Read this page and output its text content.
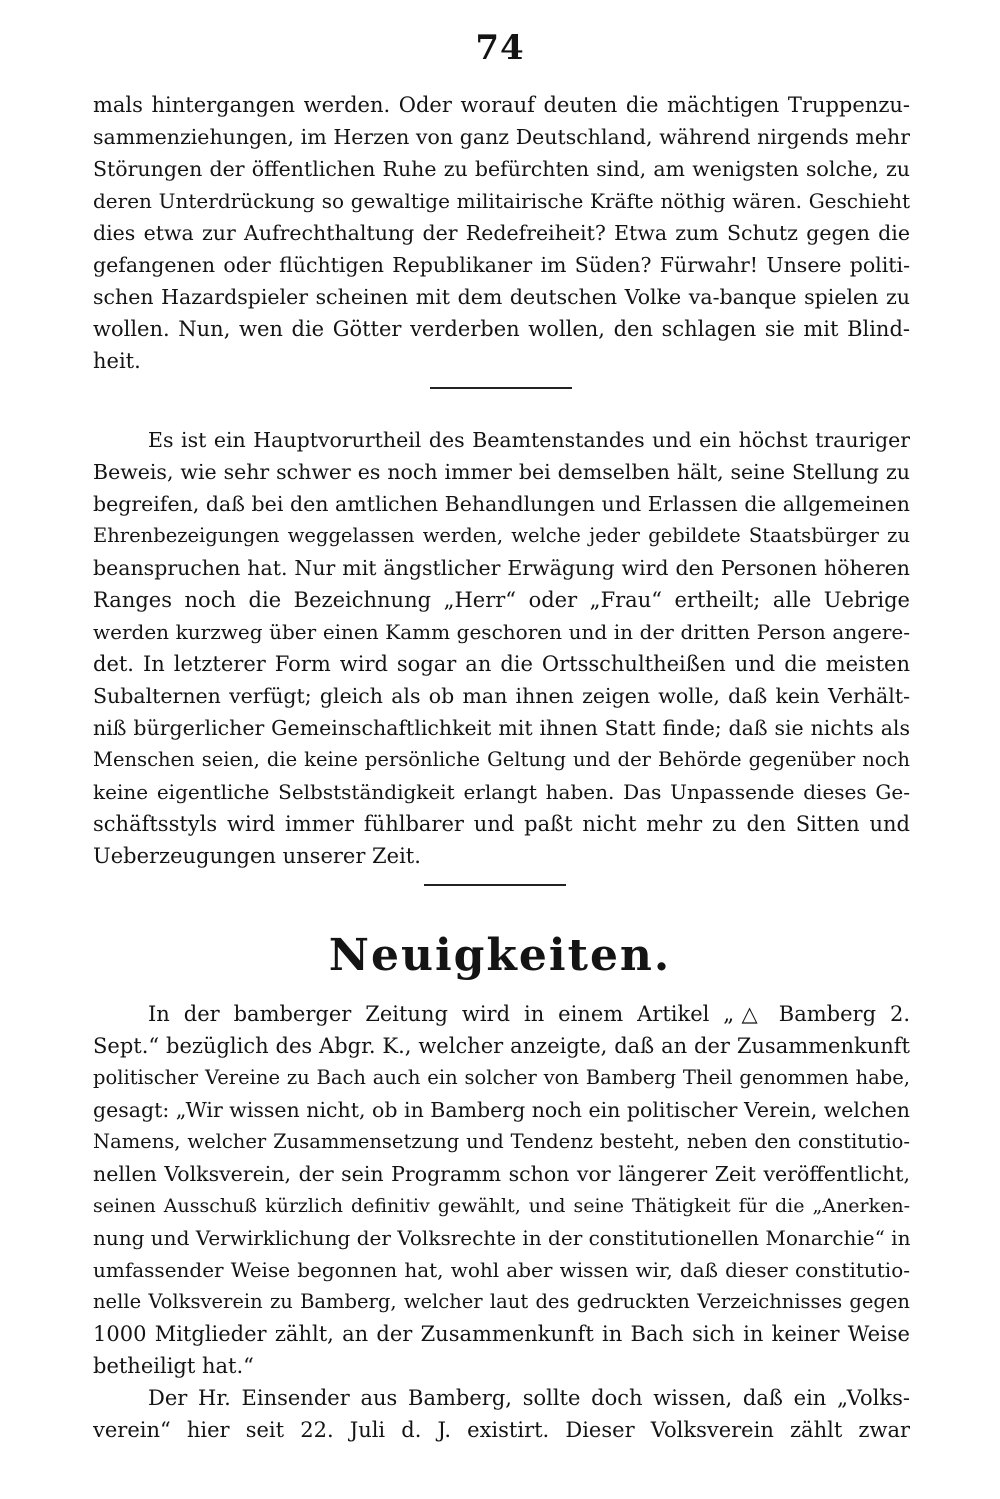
74
mals hintergangen werden. Oder worauf deuten die mächtigen Truppenzu-
sammenziehungen, im Herzen von ganz Deutschland, während nirgends mehr
Störungen der öffentlichen Ruhe zu befürchten sind, am wenigsten solche, zu
deren Unterdrückung so gewaltige militairische Kräfte nöthig wären. Geschieht
dies etwa zur Aufrechthaltung der Redefreiheit? Etwa zum Schutz gegen die
gefangenen oder flüchtigen Republikaner im Süden? Fürwahr! Unsere politi-
schen Hazardspieler scheinen mit dem deutschen Volke va-banque spielen zu
wollen. Nun, wen die Götter verderben wollen, den schlagen sie mit Blind-
heit.
Es ist ein Hauptvorurtheil des Beamtenstandes und ein höchst trauriger
Beweis, wie sehr schwer es noch immer bei demselben hält, seine Stellung zu
begreifen, daß bei den amtlichen Behandlungen und Erlassen die allgemeinen
Ehrenbezeigungen weggelassen werden, welche jeder gebildete Staatsbürger zu
beanspruchen hat. Nur mit ängstlicher Erwägung wird den Personen höheren
Ranges noch die Bezeichnung „Herr“ oder „Frau“ ertheilt; alle Uebrige
werden kurzweg über einen Kamm geschoren und in der dritten Person angere-
det. In letzterer Form wird sogar an die Ortsschultheißen und die meisten
Subalternen verfügt; gleich als ob man ihnen zeigen wolle, daß kein Verhält-
niß bürgerlicher Gemeinschaftlichkeit mit ihnen Statt finde; daß sie nichts als
Menschen seien, die keine persönliche Geltung und der Behörde gegenüber noch
keine eigentliche Selbstständigkeit erlangt haben. Das Unpassende dieses Ge-
schäftsstyls wird immer fühlbarer und paßt nicht mehr zu den Sitten und
Ueberzeugungen unserer Zeit.
Neuigkeiten.
In der bamberger Zeitung wird in einem Artikel „△ Bamberg 2.
Sept.“ bezüglich des Abgr. K., welcher anzeigte, daß an der Zusammenkunft
politischer Vereine zu Bach auch ein solcher von Bamberg Theil genommen habe,
gesagt: „Wir wissen nicht, ob in Bamberg noch ein politischer Verein, welchen
Namens, welcher Zusammensetzung und Tendenz besteht, neben den constitutio-
nellen Volksverein, der sein Programm schon vor längerer Zeit veröffentlicht,
seinen Ausschuß kürzlich definitiv gewählt, und seine Thätigkeit für die „Anerken-
nung und Verwirklichung der Volksrechte in der constitutionellen Monarchie“ in
umfassender Weise begonnen hat, wohl aber wissen wir, daß dieser constitutio-
nelle Volksverein zu Bamberg, welcher laut des gedruckten Verzeichnisses gegen
1000 Mitglieder zählt, an der Zusammenkunft in Bach sich in keiner Weise
betheiligt hat.“
Der Hr. Einsender aus Bamberg, sollte doch wissen, daß ein „Volks-
verein“ hier seit 22. Juli d. J. existirt. Dieser Volksverein zählt zwar
